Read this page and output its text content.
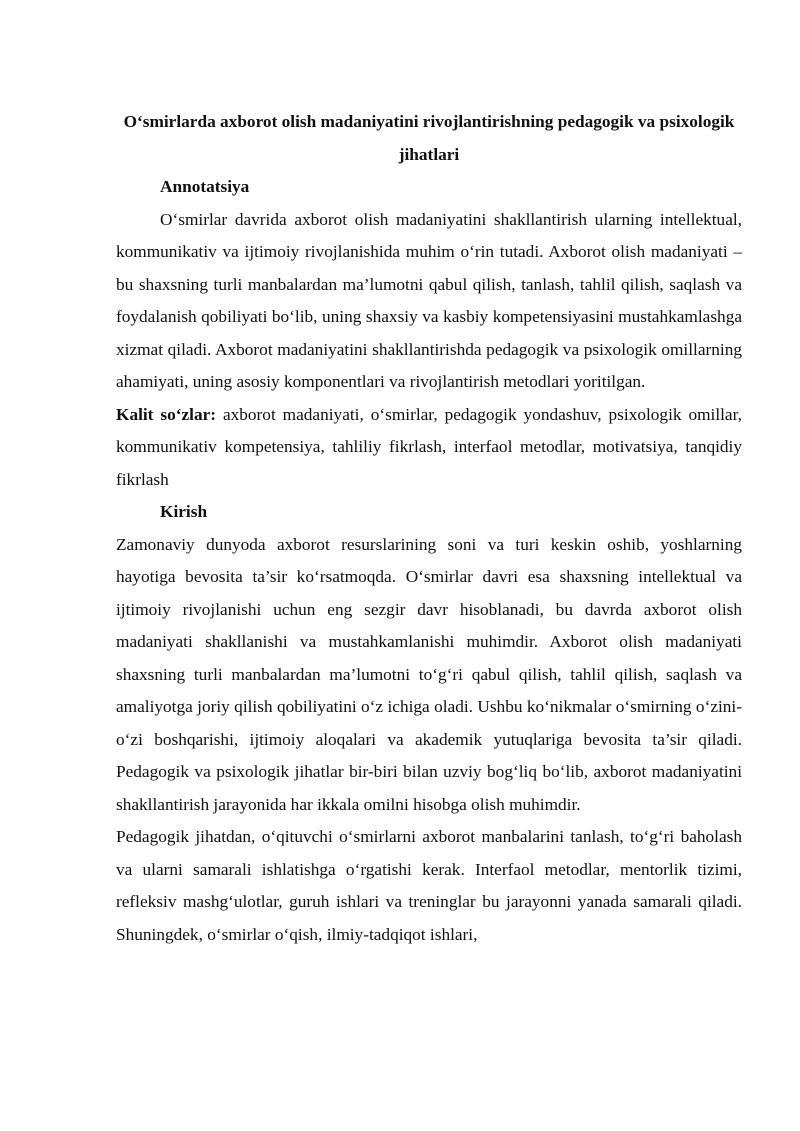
O‘smirlarda axborot olish madaniyatini rivojlantirishning pedagogik va psixologik jihatlari

Annotatsiya

O‘smirlar davrida axborot olish madaniyatini shakllantirish ularning intellektual, kommunikativ va ijtimoiy rivojlanishida muhim o‘rin tutadi. Axborot olish madaniyati – bu shaxsning turli manbalardan ma’lumotni qabul qilish, tanlash, tahlil qilish, saqlash va foydalanish qobiliyati bo‘lib, uning shaxsiy va kasbiy kompetensiyasini mustahkamlashga xizmat qiladi. Axborot madaniyatini shakllantirishda pedagogik va psixologik omillarning ahamiyati, uning asosiy komponentlari va rivojlantirish metodlari yoritilgan.

Kalit so‘zlar: axborot madaniyati, o‘smirlar, pedagogik yondashuv, psixologik omillar, kommunikativ kompetensiya, tahliliy fikrlash, interfaol metodlar, motivatsiya, tanqidiy fikrlash

Kirish

Zamonaviy dunyoda axborot resurslarining soni va turi keskin oshib, yoshlarning hayotiga bevosita ta’sir ko‘rsatmoqda. O‘smirlar davri esa shaxsning intellektual va ijtimoiy rivojlanishi uchun eng sezgir davr hisoblanadi, bu davrda axborot olish madaniyati shakllanishi va mustahkamlanishi muhimdir. Axborot olish madaniyati shaxsning turli manbalardan ma’lumotni to‘g‘ri qabul qilish, tahlil qilish, saqlash va amaliyotga joriy qilish qobiliyatini o‘z ichiga oladi. Ushbu ko‘nikmalar o‘smirning o‘zini-o‘zi boshqarishi, ijtimoiy aloqalari va akademik yutuqlariga bevosita ta’sir qiladi. Pedagogik va psixologik jihatlar bir-biri bilan uzviy bog‘liq bo‘lib, axborot madaniyatini shakllantirish jarayonida har ikkala omilni hisobga olish muhimdir.

Pedagogik jihatdan, o‘qituvchi o‘smirlarni axborot manbalarini tanlash, to‘g‘ri baholash va ularni samarali ishlatishga o‘rgatishi kerak. Interfaol metodlar, mentorlik tizimi, refleksiv mashg‘ulotlar, guruh ishlari va treninglar bu jarayonni yanada samarali qiladi. Shuningdek, o‘smirlar o‘qish, ilmiy-tadqiqot ishlari,
